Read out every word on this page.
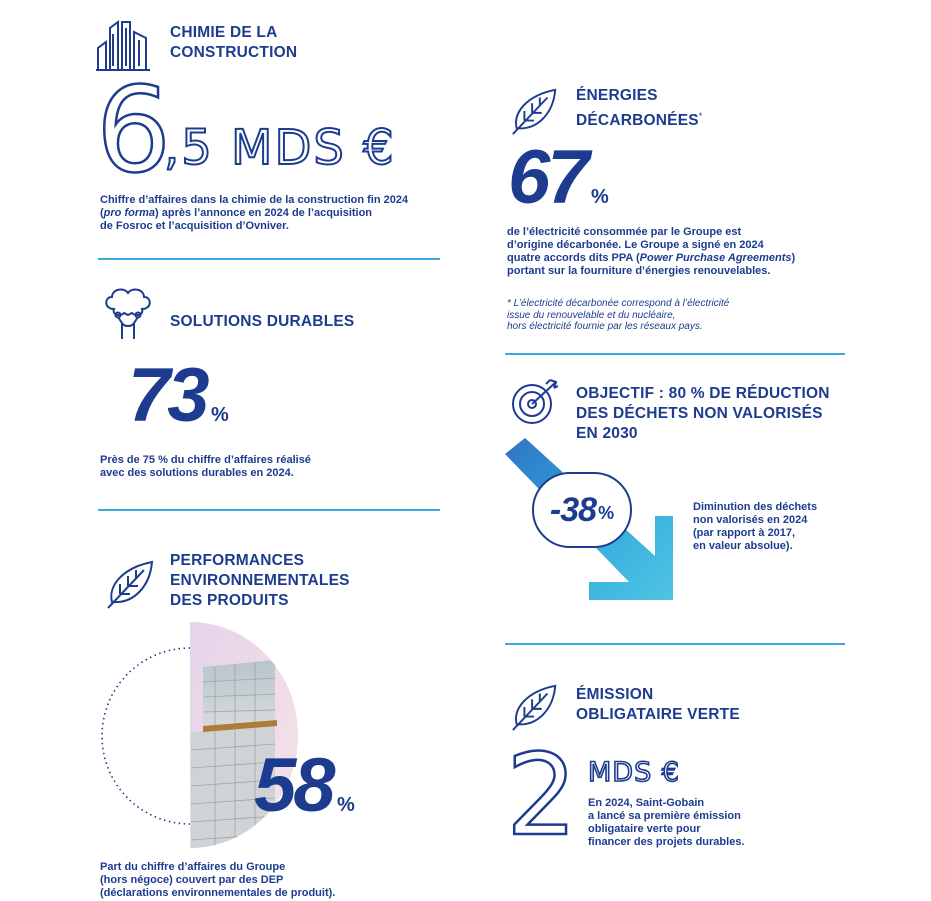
CHIMIE DE LA
CONSTRUCTION
6
,5 MDS €
Chiffre d’affaires dans la chimie de la construction fin 2024
(pro forma) après l’annonce en 2024 de l’acquisition
de Fosroc et l’acquisition d’Ovniver.
SOLUTIONS DURABLES
73 %
Près de 75 % du chiffre d’affaires réalisé
avec des solutions durables en 2024.
PERFORMANCES
ENVIRONNEMENTALES
DES PRODUITS
58 %
Part du chiffre d’affaires du Groupe
(hors négoce) couvert par des DEP
(déclarations environnementales de produit).
ÉNERGIES
DÉCARBONÉES*
67 %
de l’électricité consommée par le Groupe est
d’origine décarbonée. Le Groupe a signé en 2024
quatre accords dits PPA (Power Purchase Agreements)
portant sur la fourniture d’énergies renouvelables.
* L’électricité décarbonée correspond à l’électricité
issue du renouvelable et du nucléaire,
hors électricité fournie par les réseaux pays.
OBJECTIF : 80 % DE RÉDUCTION
DES DÉCHETS NON VALORISÉS
EN 2030
-38 %	Diminution des déchets
non valorisés en 2024
(par rapport à 2017,
en valeur absolue).
ÉMISSION
OBLIGATAIRE VERTE
2 MDS €
En 2024, Saint-Gobain
a lancé sa première émission
obligataire verte pour
financer des projets durables.
